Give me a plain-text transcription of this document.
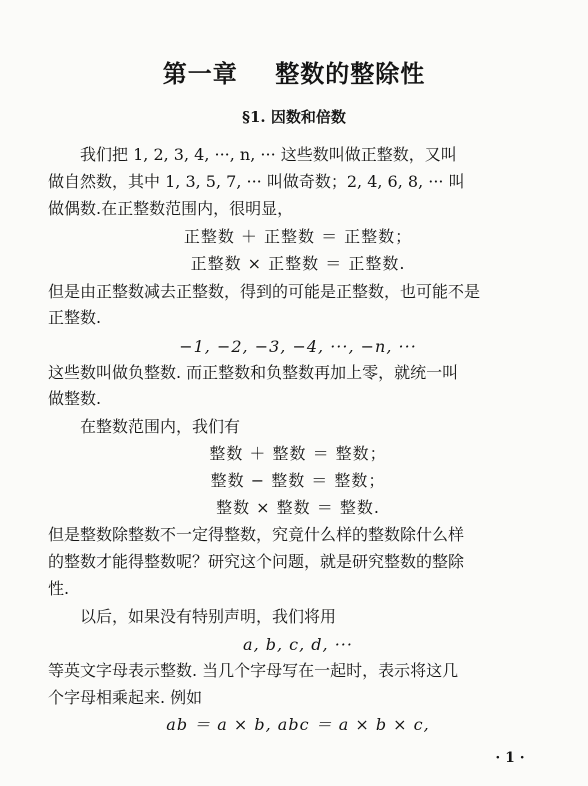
第一章    整数的整除性
§1. 因数和倍数
我们把 1, 2, 3, 4, ···, n, ··· 这些数叫做正整数，又叫
做自然数，其中 1, 3, 5, 7, ··· 叫做奇数；2, 4, 6, 8, ··· 叫
做偶数.在正整数范围内，很明显，
正整数 ＋ 正整数 ＝ 正整数；
正整数 × 正整数 ＝ 正整数.
但是由正整数减去正整数，得到的可能是正整数，也可能不是
正整数.
−1, −2, −3, −4, ···, −n, ···
这些数叫做负整数. 而正整数和负整数再加上零，就统一叫
做整数.
在整数范围内，我们有
整数 ＋ 整数 ＝ 整数；
整数 − 整数 ＝ 整数；
整数 × 整数 ＝ 整数.
但是整数除整数不一定得整数，究竟什么样的整数除什么样
的整数才能得整数呢？研究这个问题，就是研究整数的整除
性.
以后，如果没有特别声明，我们将用
a, b, c, d, ···
等英文字母表示整数. 当几个字母写在一起时，表示将这几
个字母相乘起来. 例如
ab ＝ a × b, abc ＝ a × b × c,
· 1 ·
